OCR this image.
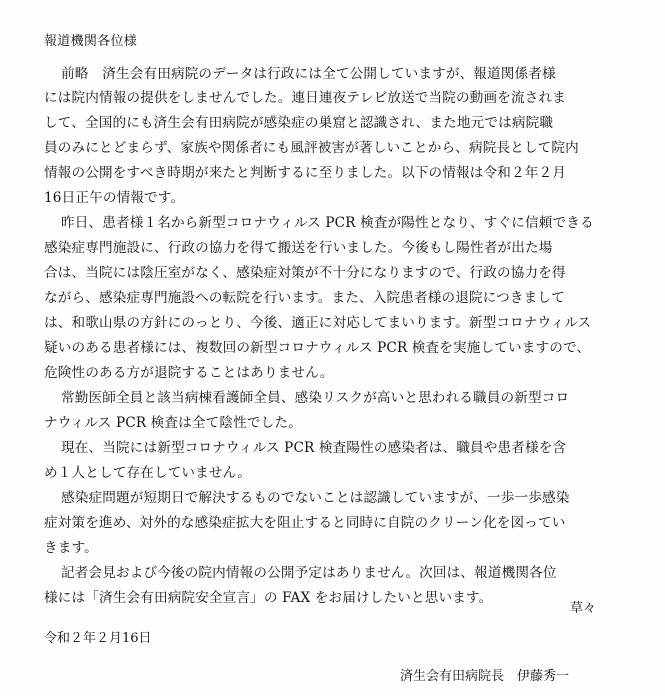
報道機関各位様
前略　済生会有田病院のデータは行政には全て公開していますが、報道関係者様
には院内情報の提供をしませんでした。連日連夜テレビ放送で当院の動画を流されま
して、全国的にも済生会有田病院が感染症の巣窟と認識され、また地元では病院職
員のみにとどまらず、家族や関係者にも風評被害が著しいことから、病院長として院内
情報の公開をすべき時期が来たと判断するに至りました。以下の情報は令和２年２月
16日正午の情報です。
昨日、患者様１名から新型コロナウィルス PCR 検査が陽性となり、すぐに信頼できる
感染症専門施設に、行政の協力を得て搬送を行いました。今後もし陽性者が出た場
合は、当院には陰圧室がなく、感染症対策が不十分になりますので、行政の協力を得
ながら、感染症専門施設への転院を行います。また、入院患者様の退院につきまして
は、和歌山県の方針にのっとり、今後、適正に対応してまいります。新型コロナウィルス
疑いのある患者様には、複数回の新型コロナウィルス PCR 検査を実施していますので、
危険性のある方が退院することはありません。
常勤医師全員と該当病棟看護師全員、感染リスクが高いと思われる職員の新型コロ
ナウィルス PCR 検査は全て陰性でした。
現在、当院には新型コロナウィルス PCR 検査陽性の感染者は、職員や患者様を含
め１人として存在していません。
感染症問題が短期日で解決するものでないことは認識していますが、一歩一歩感染
症対策を進め、対外的な感染症拡大を阻止すると同時に自院のクリーン化を図ってい
きます。
記者会見および今後の院内情報の公開予定はありません。次回は、報道機関各位
様には「済生会有田病院安全宣言」の FAX をお届けしたいと思います。
草々
令和２年２月16日
済生会有田病院長　伊藤秀一
